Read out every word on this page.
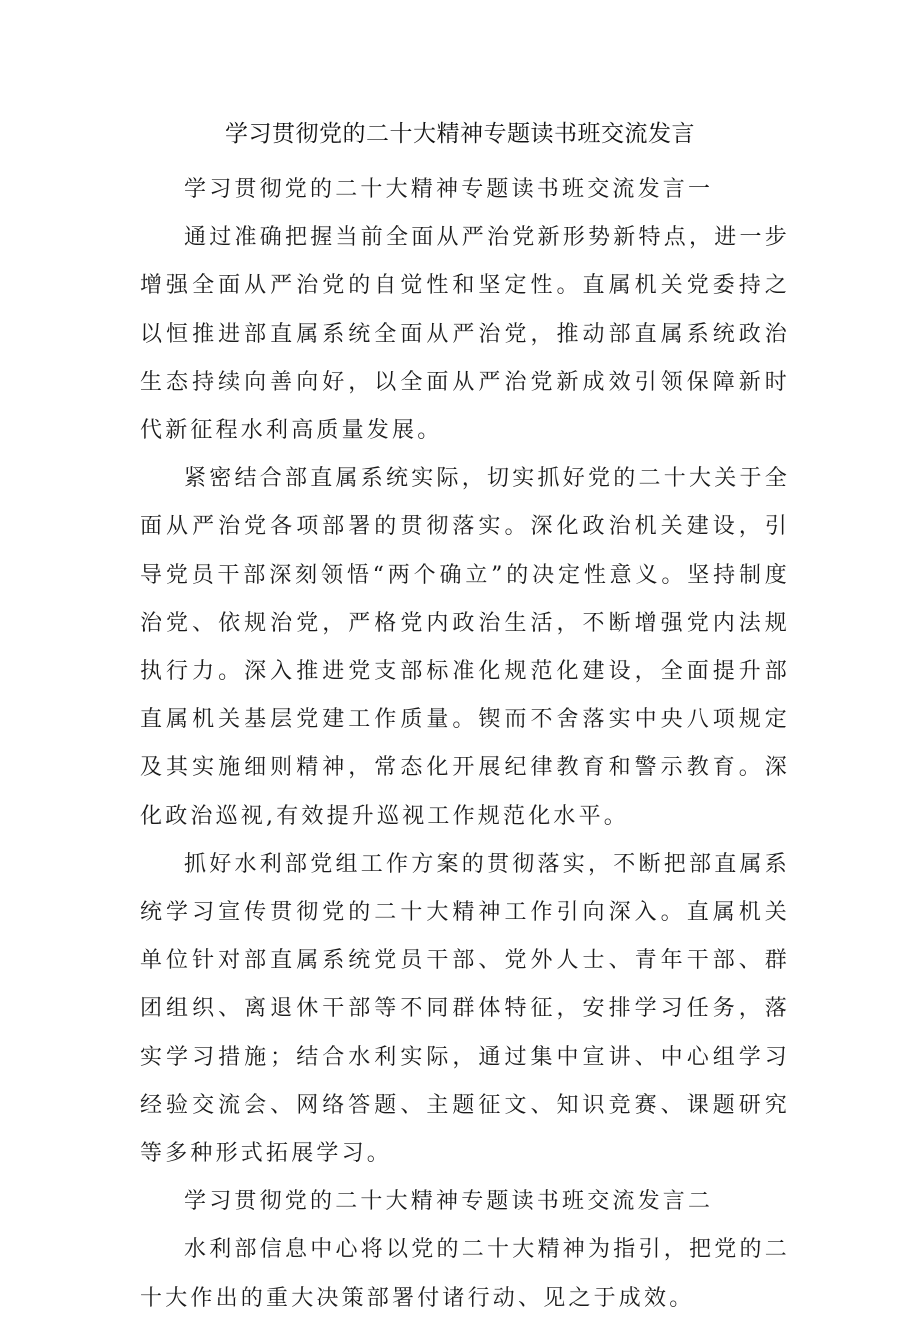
学习贯彻党的二十大精神专题读书班交流发言

学习贯彻党的二十大精神专题读书班交流发言一

通过准确把握当前全面从严治党新形势新特点，进一步增强全面从严治党的自觉性和坚定性。直属机关党委持之以恒推进部直属系统全面从严治党，推动部直属系统政治生态持续向善向好，以全面从严治党新成效引领保障新时代新征程水利高质量发展。

紧密结合部直属系统实际，切实抓好党的二十大关于全面从严治党各项部署的贯彻落实。深化政治机关建设，引导党员干部深刻领悟“两个确立”的决定性意义。坚持制度治党、依规治党，严格党内政治生活，不断增强党内法规执行力。深入推进党支部标准化规范化建设，全面提升部直属机关基层党建工作质量。锲而不舍落实中央八项规定及其实施细则精神，常态化开展纪律教育和警示教育。深化政治巡视,有效提升巡视工作规范化水平。

抓好水利部党组工作方案的贯彻落实，不断把部直属系统学习宣传贯彻党的二十大精神工作引向深入。直属机关单位针对部直属系统党员干部、党外人士、青年干部、群团组织、离退休干部等不同群体特征，安排学习任务，落实学习措施；结合水利实际，通过集中宣讲、中心组学习经验交流会、网络答题、主题征文、知识竞赛、课题研究等多种形式拓展学习。

学习贯彻党的二十大精神专题读书班交流发言二

水利部信息中心将以党的二十大精神为指引，把党的二十大作出的重大决策部署付诸行动、见之于成效。
